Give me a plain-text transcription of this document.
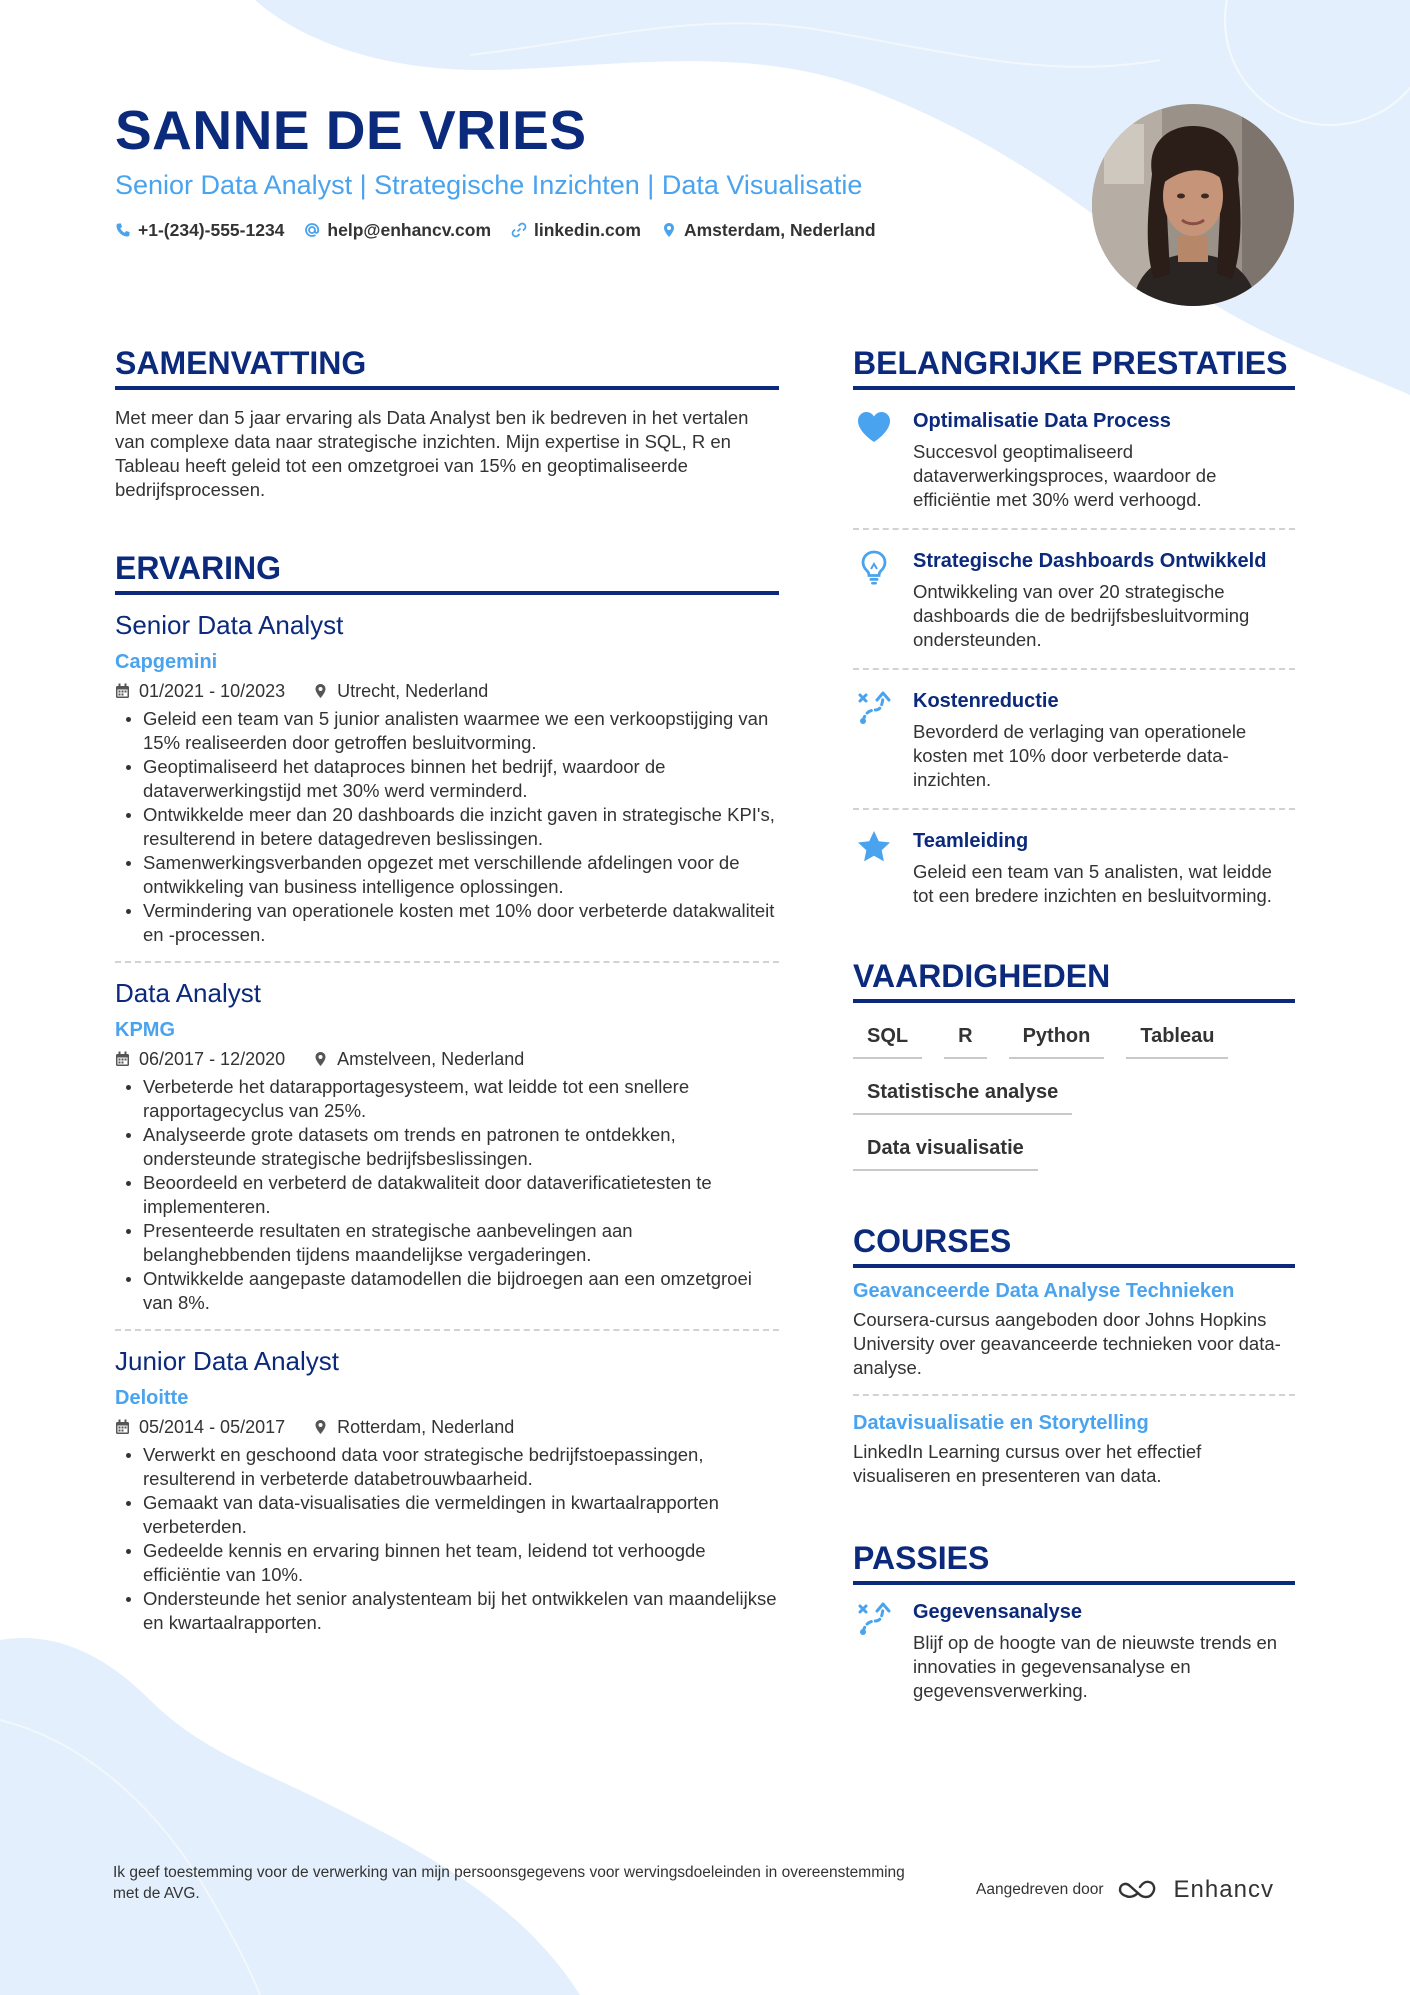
SANNE DE VRIES
Senior Data Analyst | Strategische Inzichten | Data Visualisatie
+1-(234)-555-1234 help@enhancv.com linkedin.com Amsterdam, Nederland
SAMENVATTING

Met meer dan 5 jaar ervaring als Data Analyst ben ik bedreven in het vertalen van complexe data naar strategische inzichten. Mijn expertise in SQL, R en Tableau heeft geleid tot een omzetgroei van 15% en geoptimaliseerde bedrijfsprocessen.

ERVARING
Senior Data Analyst
Capgemini
01/2021 - 10/2023	Utrecht, Nederland
Geleid een team van 5 junior analisten waarmee we een verkoopstijging van 15% realiseerden door getroffen besluitvorming.
Geoptimaliseerd het dataproces binnen het bedrijf, waardoor de dataverwerkingstijd met 30% werd verminderd.
Ontwikkelde meer dan 20 dashboards die inzicht gaven in strategische KPI's, resulterend in betere datagedreven beslissingen.
Samenwerkingsverbanden opgezet met verschillende afdelingen voor de ontwikkeling van business intelligence oplossingen.
Vermindering van operationele kosten met 10% door verbeterde datakwaliteit en -processen.
Data Analyst
KPMG
06/2017 - 12/2020	Amstelveen, Nederland
Verbeterde het datarapportagesysteem, wat leidde tot een snellere rapportagecyclus van 25%.
Analyseerde grote datasets om trends en patronen te ontdekken, ondersteunde strategische bedrijfsbeslissingen.
Beoordeeld en verbeterd de datakwaliteit door dataverificatietesten te implementeren.
Presenteerde resultaten en strategische aanbevelingen aan belanghebbenden tijdens maandelijkse vergaderingen.
Ontwikkelde aangepaste datamodellen die bijdroegen aan een omzetgroei van 8%.
Junior Data Analyst
Deloitte
05/2014 - 05/2017	Rotterdam, Nederland
Verwerkt en geschoond data voor strategische bedrijfstoepassingen, resulterend in verbeterde databetrouwbaarheid.
Gemaakt van data-visualisaties die vermeldingen in kwartaalrapporten verbeterden.
Gedeelde kennis en ervaring binnen het team, leidend tot verhoogde efficiëntie van 10%.
Ondersteunde het senior analystenteam bij het ontwikkelen van maandelijkse en kwartaalrapporten.
BELANGRIJKE PRESTATIES
Optimalisatie Data Process
Succesvol geoptimaliseerd dataverwerkingsproces, waardoor de efficiëntie met 30% werd verhoogd.
Strategische Dashboards Ontwikkeld
Ontwikkeling van over 20 strategische dashboards die de bedrijfsbesluitvorming ondersteunden.
Kostenreductie
Bevorderd de verlaging van operationele kosten met 10% door verbeterde data-inzichten.
Teamleiding
Geleid een team van 5 analisten, wat leidde tot een bredere inzichten en besluitvorming.
VAARDIGHEDEN
SQL	R	Python	Tableau
Statistische analyse
Data visualisatie
COURSES
Geavanceerde Data Analyse Technieken
Coursera-cursus aangeboden door Johns Hopkins University over geavanceerde technieken voor data-analyse.
Datavisualisatie en Storytelling
LinkedIn Learning cursus over het effectief visualiseren en presenteren van data.
PASSIES
Gegevensanalyse
Blijf op de hoogte van de nieuwste trends en innovaties in gegevensanalyse en gegevensverwerking.
Ik geef toestemming voor de verwerking van mijn persoonsgegevens voor wervingsdoeleinden in overeenstemming met de AVG.	Aangedreven door	Enhancv
